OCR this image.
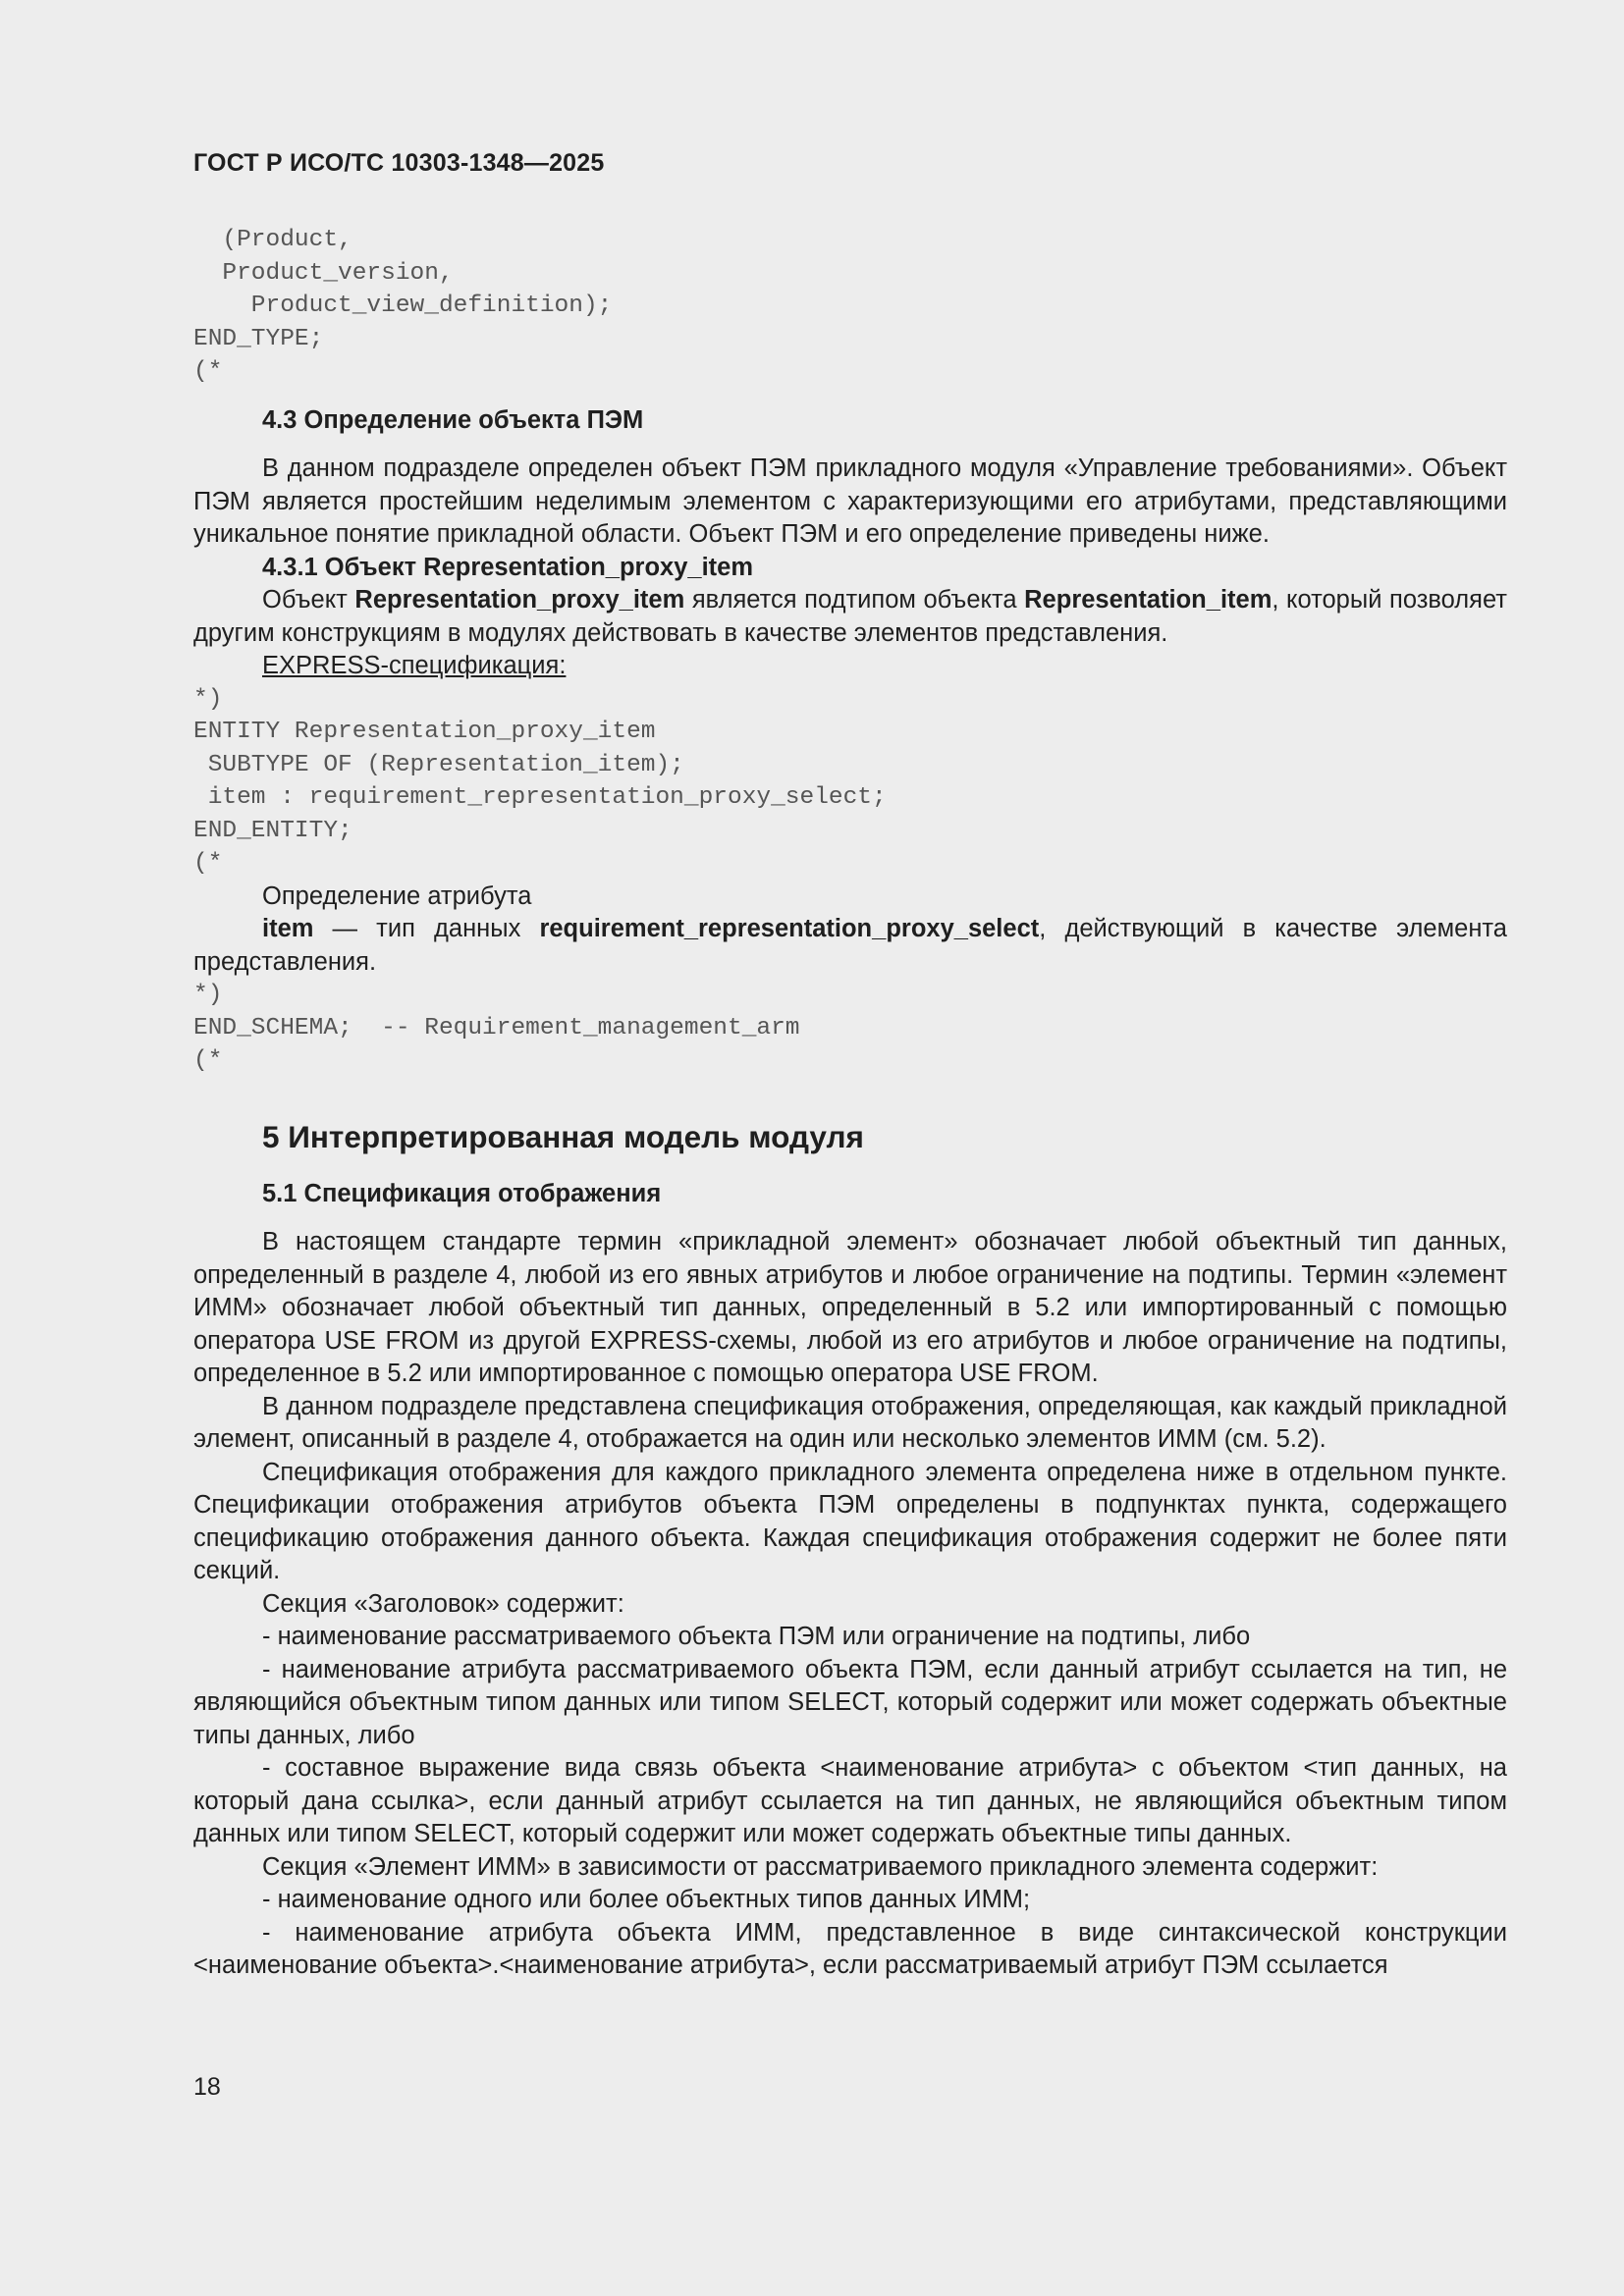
ГОСТ Р ИСО/ТС 10303-1348—2025
(Product,
Product_version,
Product_view_definition);
END_TYPE;
(*
4.3 Определение объекта ПЭМ

В данном подразделе определен объект ПЭМ прикладного модуля «Управление требованиями». Объект ПЭМ является простейшим неделимым элементом с характеризующими его атрибутами, представляющими уникальное понятие прикладной области. Объект ПЭМ и его определение приведены ниже.

4.3.1 Объект Representation_proxy_item

Объект Representation_proxy_item является подтипом объекта Representation_item, который позволяет другим конструкциям в модулях действовать в качестве элементов представления.

EXPRESS-спецификация:
*)
ENTITY Representation_proxy_item
SUBTYPE OF (Representation_item);
item : requirement_representation_proxy_select;
END_ENTITY;
(*
Определение атрибута

item — тип данных requirement_representation_proxy_select, действующий в качестве элемента представления.

*)
END_SCHEMA;  -- Requirement_management_arm
(*
5 Интерпретированная модель модуля
5.1 Спецификация отображения

В настоящем стандарте термин «прикладной элемент» обозначает любой объектный тип данных, определенный в разделе 4, любой из его явных атрибутов и любое ограничение на подтипы. Термин «элемент ИММ» обозначает любой объектный тип данных, определенный в 5.2 или импортированный с помощью оператора USE FROM из другой EXPRESS-схемы, любой из его атрибутов и любое ограничение на подтипы, определенное в 5.2 или импортированное с помощью оператора USE FROM.

В данном подразделе представлена спецификация отображения, определяющая, как каждый прикладной элемент, описанный в разделе 4, отображается на один или несколько элементов ИММ (см. 5.2).

Спецификация отображения для каждого прикладного элемента определена ниже в отдельном пункте. Спецификации отображения атрибутов объекта ПЭМ определены в подпунктах пункта, содержащего спецификацию отображения данного объекта. Каждая спецификация отображения содержит не более пяти секций.

Секция «Заголовок» содержит:

- наименование рассматриваемого объекта ПЭМ или ограничение на подтипы, либо

- наименование атрибута рассматриваемого объекта ПЭМ, если данный атрибут ссылается на тип, не являющийся объектным типом данных или типом SELECT, который содержит или может содержать объектные типы данных, либо

- составное выражение вида связь объекта <наименование атрибута> с объектом <тип данных, на который дана ссылка>, если данный атрибут ссылается на тип данных, не являющийся объектным типом данных или типом SELECT, который содержит или может содержать объектные типы данных.

Секция «Элемент ИММ» в зависимости от рассматриваемого прикладного элемента содержит:

- наименование одного или более объектных типов данных ИММ;

- наименование атрибута объекта ИММ, представленное в виде синтаксической конструкции <наименование объекта>.<наименование атрибута>, если рассматриваемый атрибут ПЭМ ссылается

18
